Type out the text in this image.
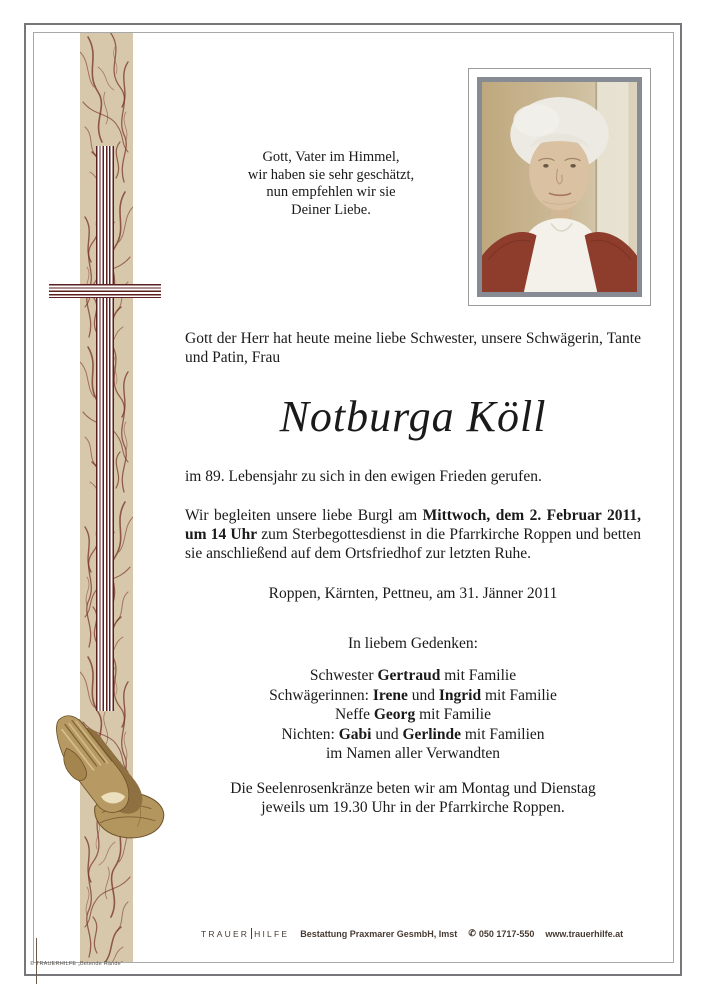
Gott, Vater im Himmel,
wir haben sie sehr geschätzt,
nun empfehlen wir sie
Deiner Liebe.
Gott der Herr hat heute meine liebe Schwester, unsere Schwägerin, Tante und Patin, Frau
Notburga Köll
im 89. Lebensjahr zu sich in den ewigen Frieden gerufen.
Wir begleiten unsere liebe Burgl am Mittwoch, dem 2. Februar 2011, um 14 Uhr zum Sterbegottesdienst in die Pfarrkirche Roppen und betten sie anschließend auf dem Ortsfriedhof zur letzten Ruhe.
Roppen, Kärnten, Pettneu, am 31. Jänner 2011
In liebem Gedenken:
Schwester Gertraud mit Familie
Schwägerinnen: Irene und Ingrid mit Familie
Neffe Georg mit Familie
Nichten: Gabi und Gerlinde mit Familien
im Namen aller Verwandten
Die Seelenrosenkränze beten wir am Montag und Dienstag
jeweils um 19.30 Uhr in der Pfarrkirche Roppen.
TRAUER HILFE Bestattung Praxmarer GesmbH, Imst ✆ 050 1717-550 www.trauerhilfe.at
© TRAUERHILFE „Betende Hände“
